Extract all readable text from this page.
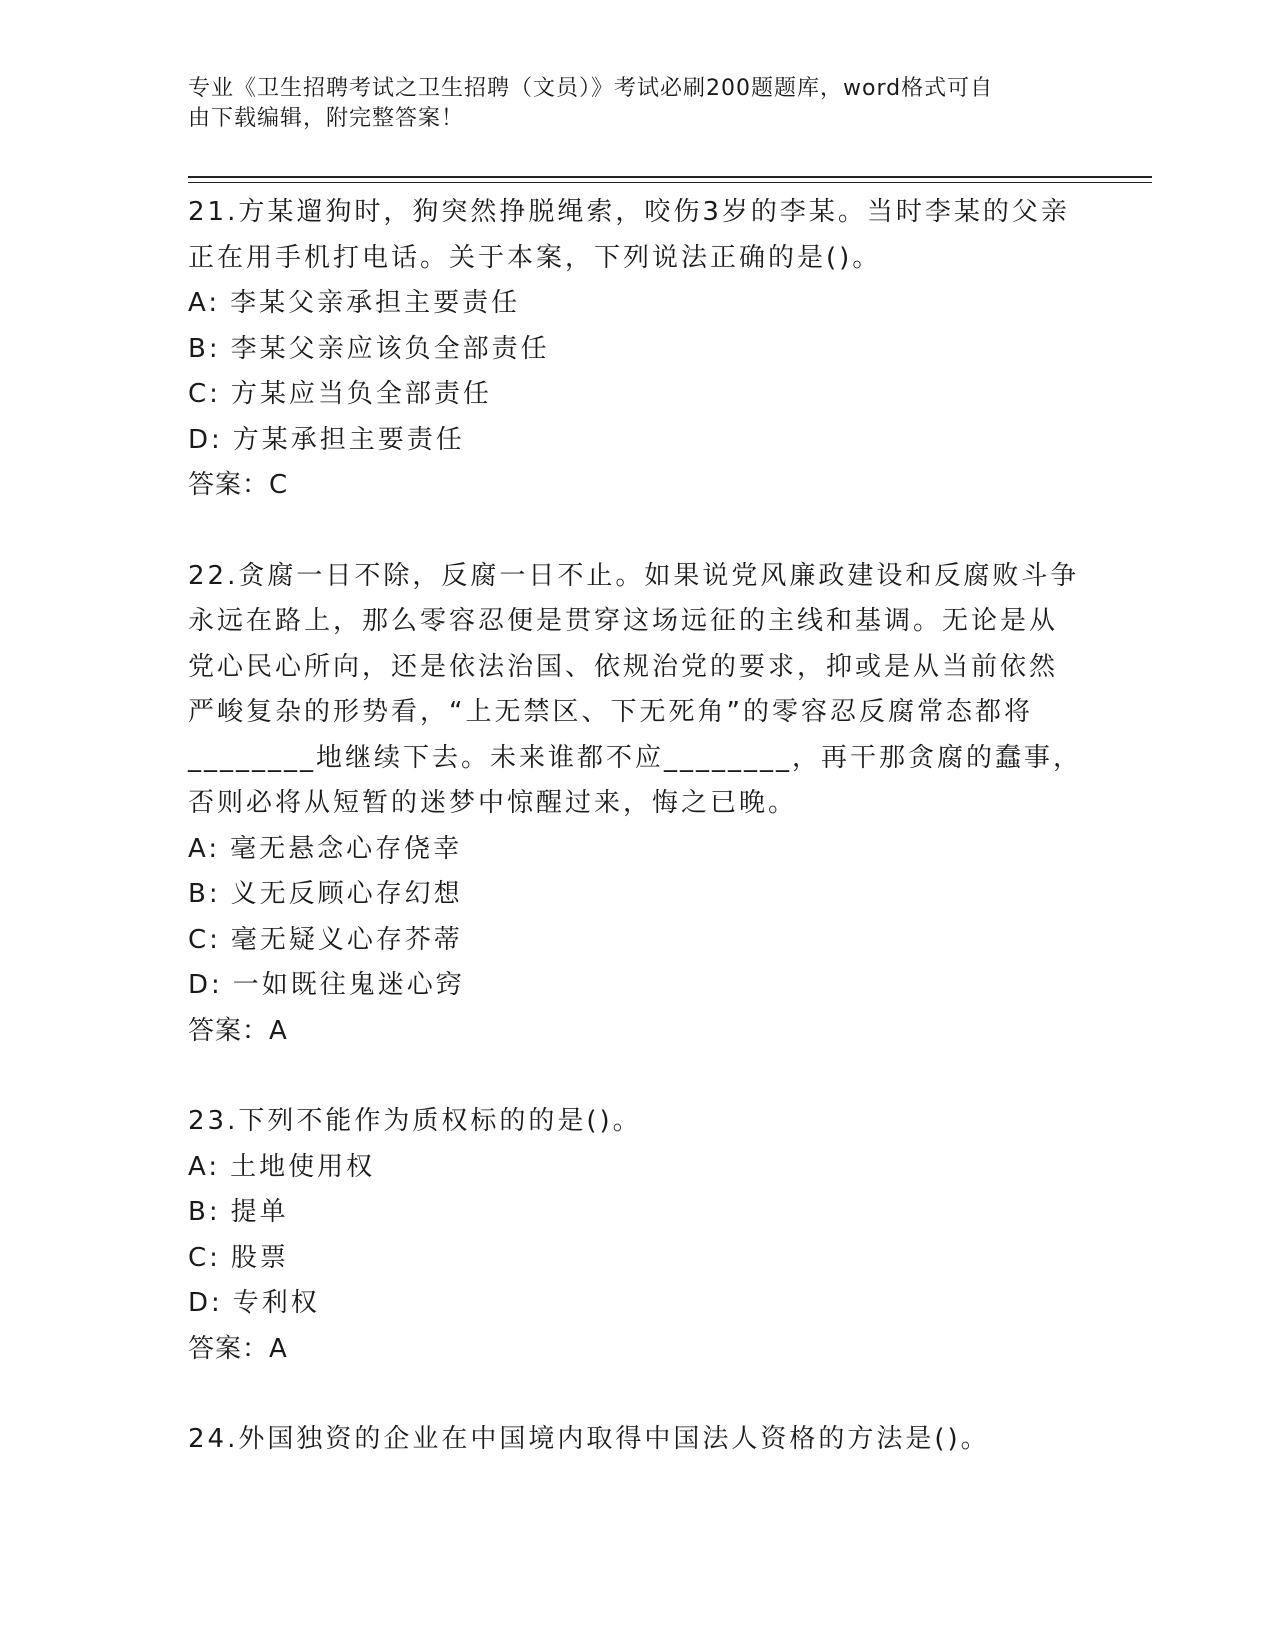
专业《卫生招聘考试之卫生招聘（文员）》考试必刷200题题库，word格式可自
由下载编辑，附完整答案！

21.方某遛狗时，狗突然挣脱绳索，咬伤3岁的李某。当时李某的父亲

正在用手机打电话。关于本案，下列说法正确的是()。

A: 李某父亲承担主要责任

B: 李某父亲应该负全部责任

C: 方某应当负全部责任

D: 方某承担主要责任

答案：C

22.贪腐一日不除，反腐一日不止。如果说党风廉政建设和反腐败斗争

永远在路上，那么零容忍便是贯穿这场远征的主线和基调。无论是从

党心民心所向，还是依法治国、依规治党的要求，抑或是从当前依然

严峻复杂的形势看，“上无禁区、下无死角”的零容忍反腐常态都将

________地继续下去。未来谁都不应________，再干那贪腐的蠢事，

否则必将从短暂的迷梦中惊醒过来，悔之已晚。

A: 毫无悬念心存侥幸

B: 义无反顾心存幻想

C: 毫无疑义心存芥蒂

D: 一如既往鬼迷心窍

答案：A

23.下列不能作为质权标的的是()。

A: 土地使用权

B: 提单

C: 股票

D: 专利权

答案：A

24.外国独资的企业在中国境内取得中国法人资格的方法是()。
